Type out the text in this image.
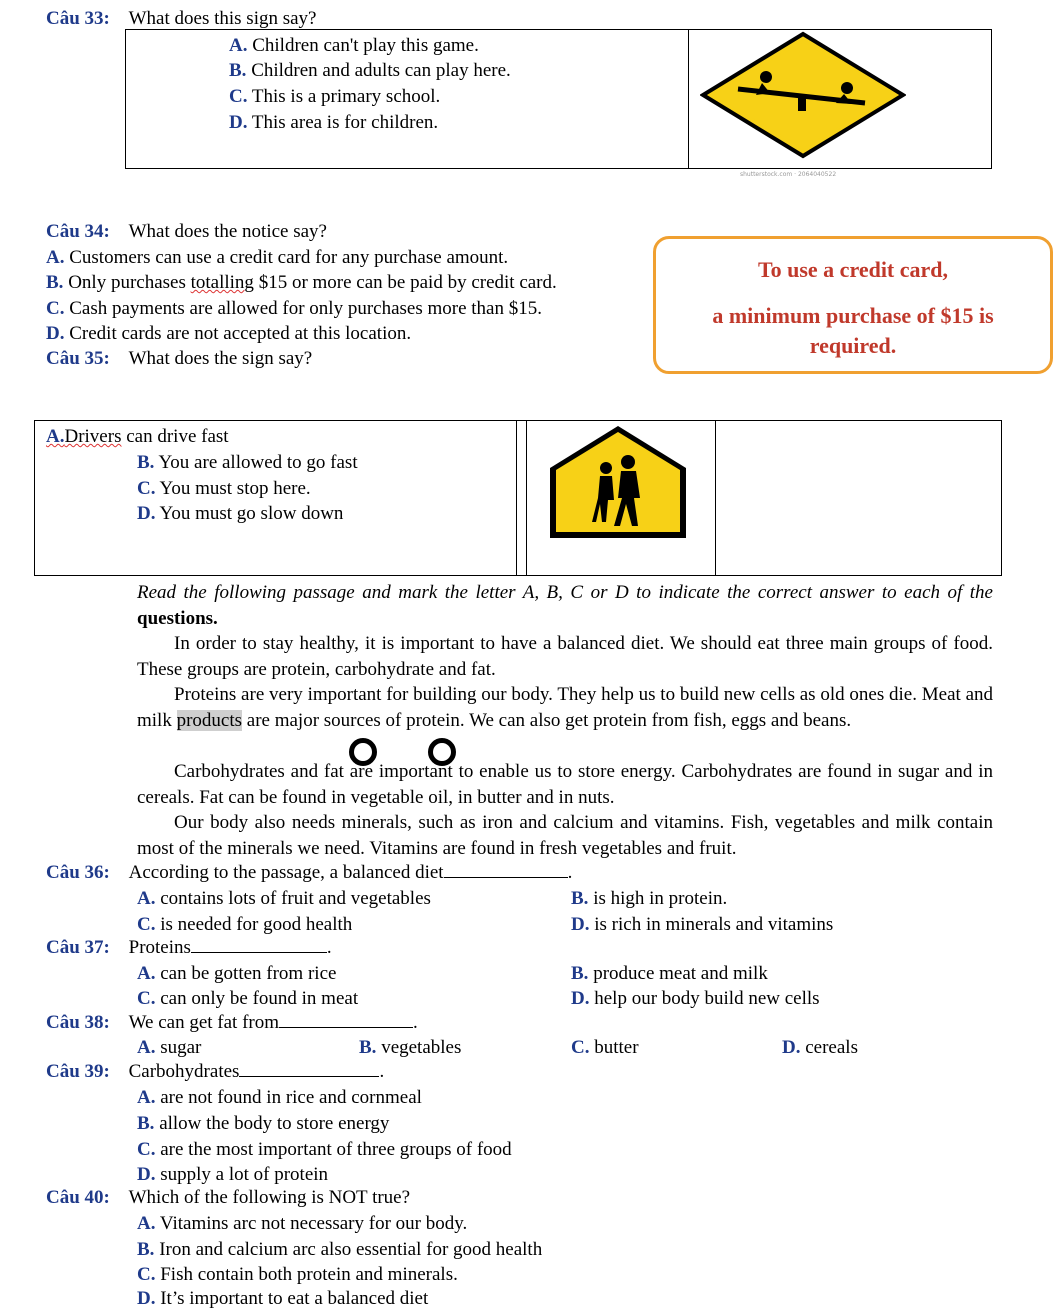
Câu 33: What does this sign say?
A. Children can't play this game.
B. Children and adults can play here.
C. This is a primary school.
D. This area is for children.
shutterstock.com · 2064040522
Câu 34: What does the notice say?
A. Customers can use a credit card for any purchase amount.
B. Only purchases totalling $15 or more can be paid by credit card.
C. Cash payments are allowed for only purchases more than $15.
D. Credit cards are not accepted at this location.
To use a credit card,
a minimum purchase of $15 is
required.
Câu 35: What does the sign say?
A.Drivers can drive fast
B. You are allowed to go fast
C. You must stop here.
D. You must go slow down
Read the following passage and mark the letter A, B, C or D to indicate the correct answer to each of the questions.
In order to stay healthy, it is important to have a balanced diet. We should eat three main groups of food. These groups are protein, carbohydrate and fat.
Proteins are very important for building our body. They help us to build new cells as old ones die. Meat and milk products are major sources of protein. We can also get protein from fish, eggs and beans.
Carbohydrates and fat are important to enable us to store energy. Carbohydrates are found in sugar and in cereals. Fat can be found in vegetable oil, in butter and in nuts.
Our body also needs minerals, such as iron and calcium and vitamins. Fish, vegetables and milk contain most of the minerals we need. Vitamins are found in fresh vegetables and fruit.
Câu 36: According to the passage, a balanced diet	.
A. contains lots of fruit and vegetables	B. is high in protein.
C. is needed for good health	D. is rich in minerals and vitamins
Câu 37: Proteins	.
A. can be gotten from rice	B. produce meat and milk
C. can only be found in meat	D. help our body build new cells
Câu 38: We can get fat from	.
A. sugar	B. vegetables	C. butter	D. cereals
Câu 39: Carbohydrates	.
A. are not found in rice and cornmeal
B. allow the body to store energy
C. are the most important of three groups of food
D. supply a lot of protein
Câu 40: Which of the following is NOT true?
A. Vitamins arc not necessary for our body.
B. Iron and calcium arc also essential for good health
C. Fish contain both protein and minerals.
D. It’s important to eat a balanced diet
